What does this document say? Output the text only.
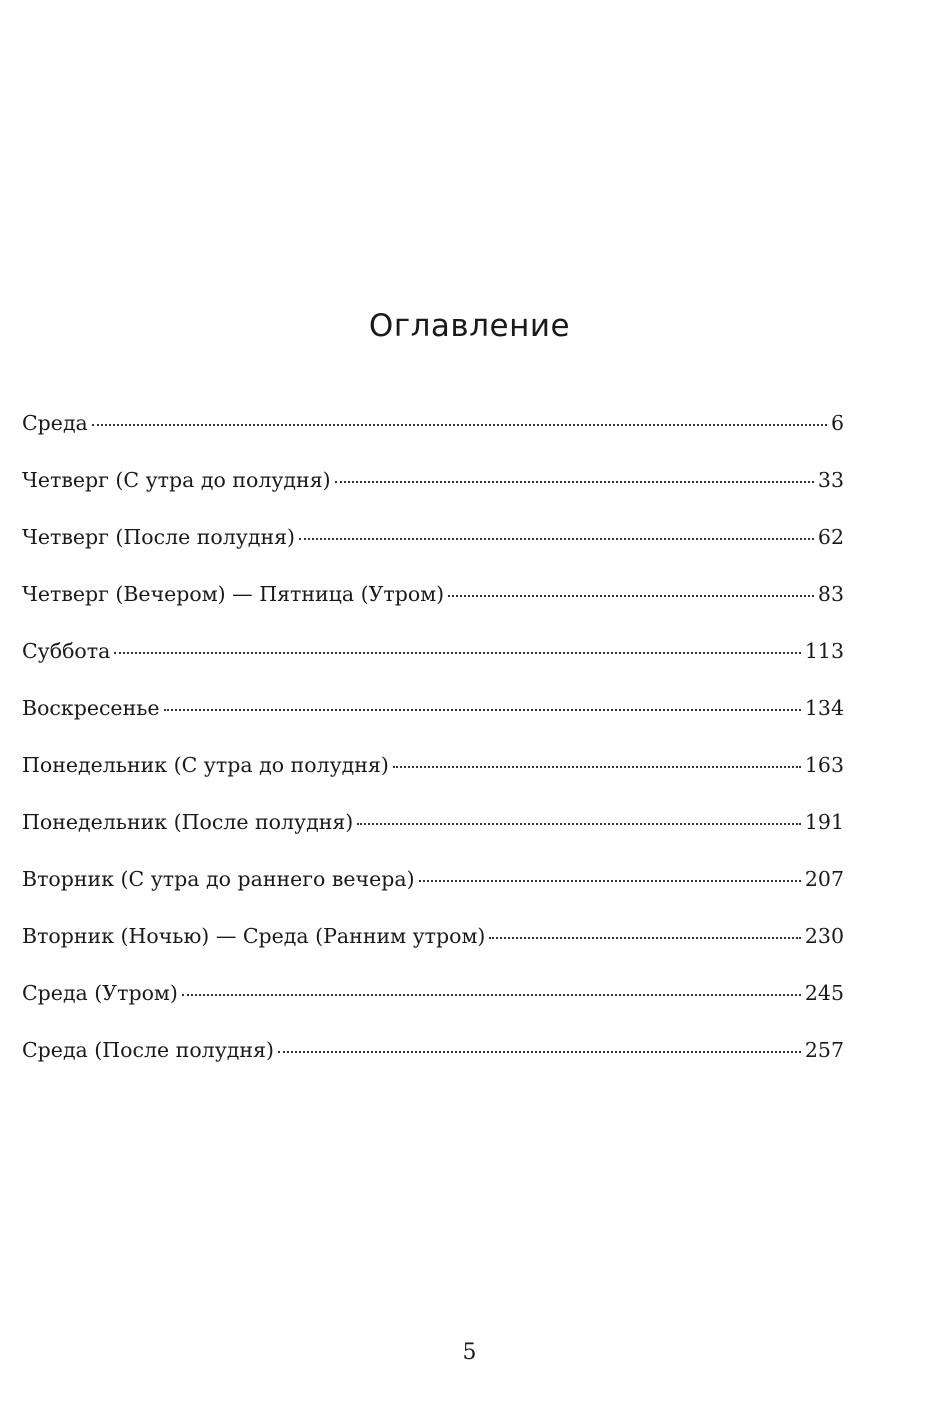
Оглавление
Среда	6
Четверг (С утра до полудня)	33
Четверг (После полудня)	62
Четверг (Вечером) — Пятница (Утром)	83
Суббота	113
Воскресенье	134
Понедельник (С утра до полудня)	163
Понедельник (После полудня)	191
Вторник (С утра до раннего вечера)	207
Вторник (Ночью) — Среда (Ранним утром)	230
Среда (Утром)	245
Среда (После полудня)	257
5
